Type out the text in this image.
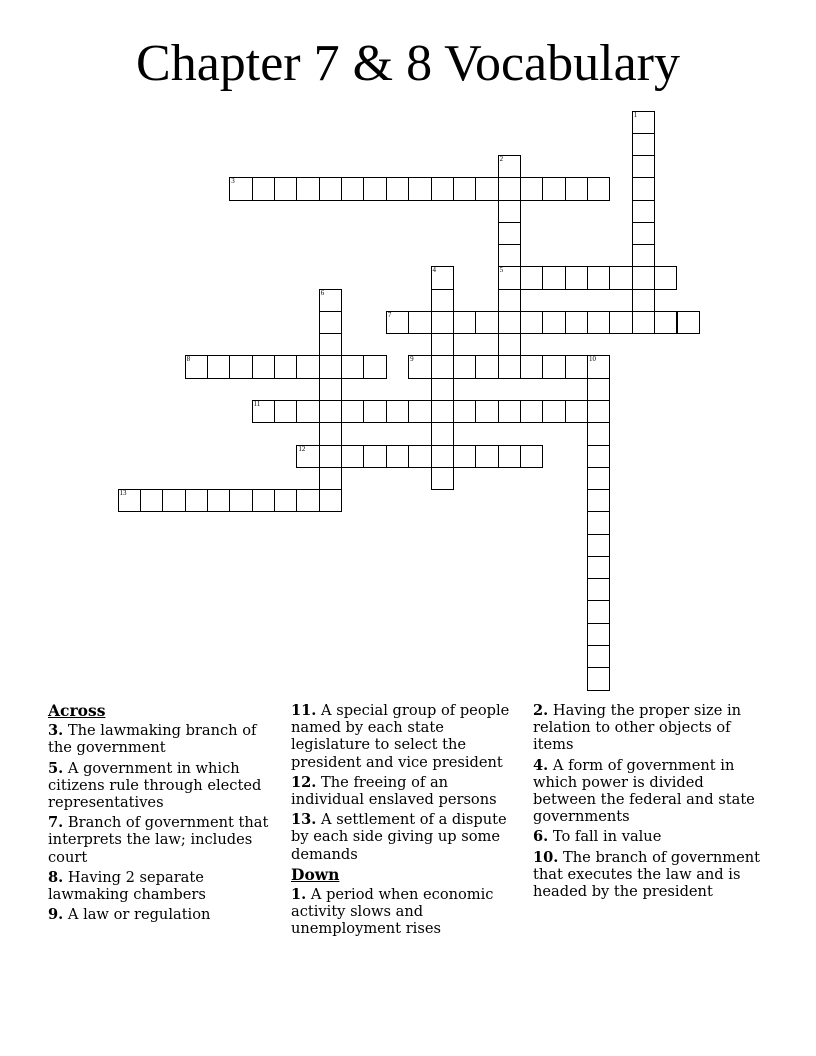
Chapter 7 & 8 Vocabulary
1
2
5
3
4
6
7
8	9	10
11
12
13
Across
3. The lawmaking branch of the government
5. A government in which citizens rule through elected representatives
7. Branch of government that interprets the law; includes court
8. Having 2 separate lawmaking chambers
9. A law or regulation
11. A special group of people named by each state legislature to select the president and vice president
12. The freeing of an individual enslaved persons
13. A settlement of a dispute by each side giving up some demands
Down
1. A period when economic activity slows and unemployment rises
2. Having the proper size in relation to other objects of items
4. A form of government in which power is divided between the federal and state governments
6. To fall in value
10. The branch of government that executes the law and is headed by the president
